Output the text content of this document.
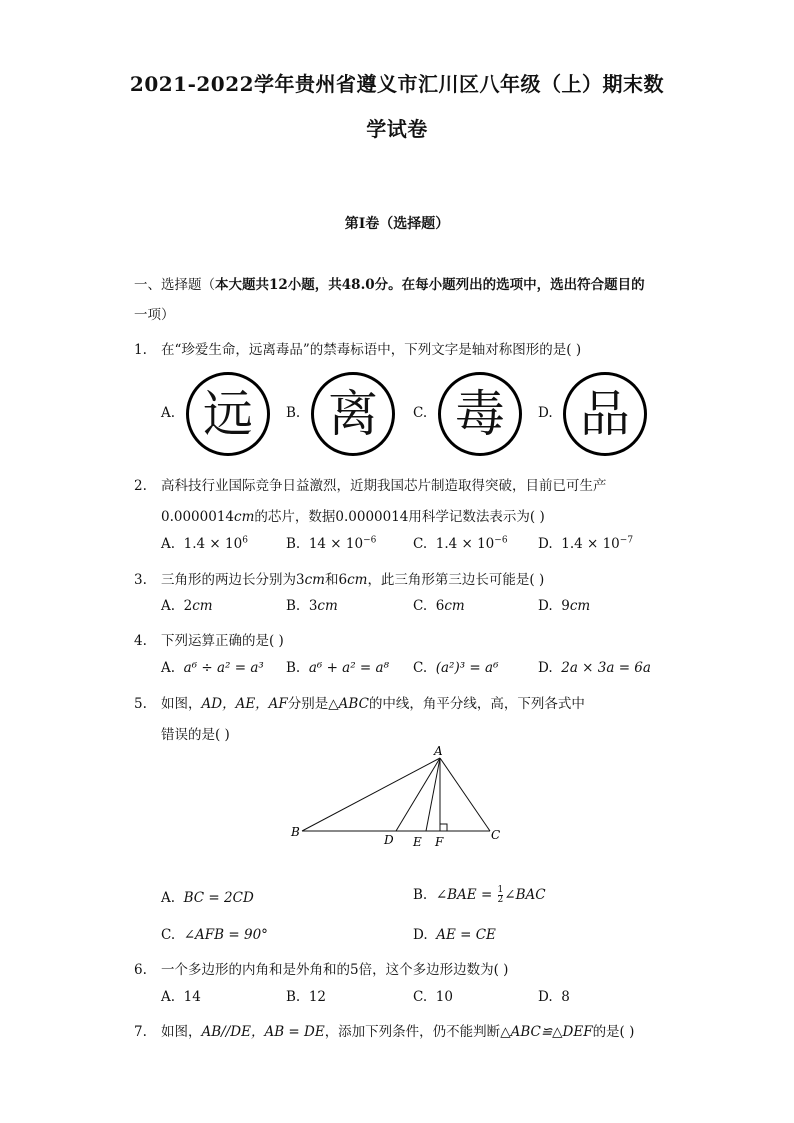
2021-2022学年贵州省遵义市汇川区八年级（上）期末数
学试卷
第I卷（选择题）
一、选择题（本大题共12小题，共48.0分。在每小题列出的选项中，选出符合题目的
一项）
1. 在“珍爱生命，远离毒品”的禁毒标语中，下列文字是轴对称图形的是( )
A. 远	B. 离	C. 毒	D. 品
2. 高科技行业国际竞争日益激烈，近期我国芯片制造取得突破，目前已可生产
0.0000014cm的芯片，数据0.0000014用科学记数法表示为( )
A. $1.4 \times 10^6$	B. $14 \times 10^{-6}$	C. $1.4 \times 10^{-6}$ D. $1.4 \times 10^{-7}$
3. 三角形的两边长分别为3cm和6cm，此三角形第三边长可能是( )
A. 2cm	B. 3cm	C. 6cm	D. 9cm
4. 下列运算正确的是( )
A. a⁶ ÷ a² = a³ B. a⁶ + a² = a⁸ C. (a²)³ = a⁶	D. 2a × 3a = 6a
5. 如图，AD，AE，AF分别是△ABC的中线，角平分线，高，下列各式中
错误的是( )
A
B	C
D E F
A. BC = 2CD	B. ∠BAE = $\frac{1}{2}$ ∠BAC
C. ∠AFB = 90°	D. AE = CE
6. 一个多边形的内角和是外角和的5倍，这个多边形边数为( )
A. 14	B. 12	C. 10	D. 8
7. 如图，AB//DE，AB = DE，添加下列条件，仍不能判断△ABC≌△DEF的是( )
